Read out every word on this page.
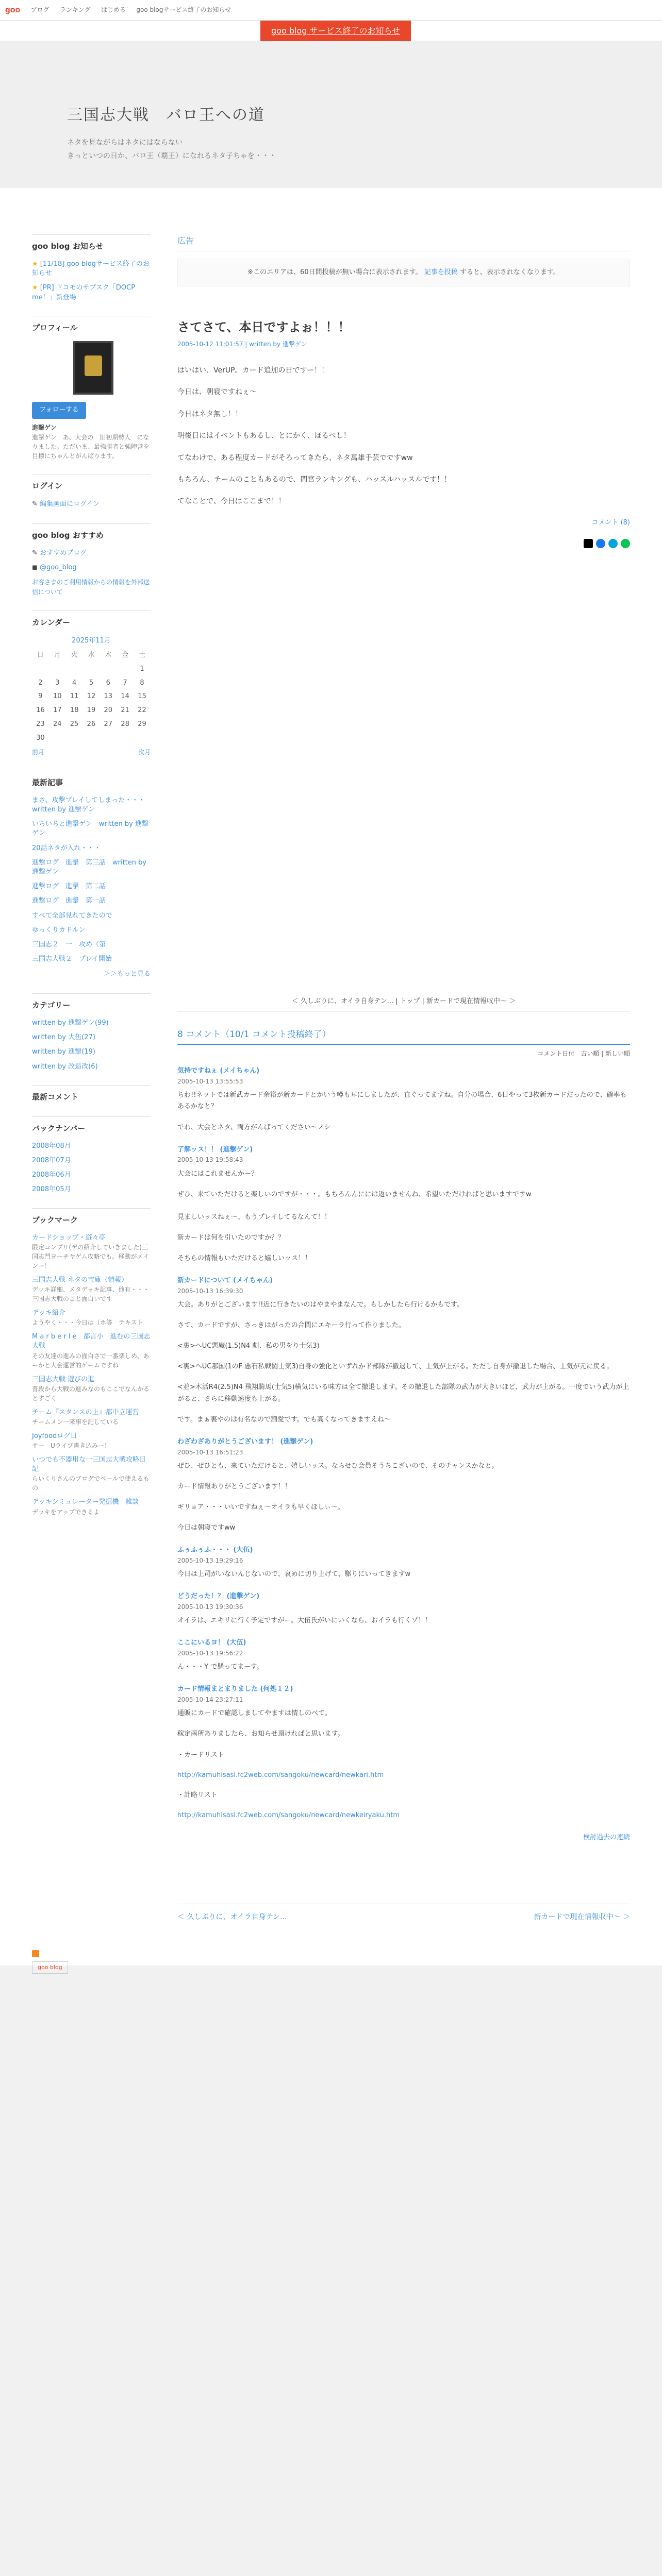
goo ブログ ランキング はじめる goo blogサービス終了のお知らせ
goo blog サービス終了のお知らせ
三国志大戦　バロ王への道
ネタを見ながらはネタにはならない
きっといつの日か、バロ王（覇王）になれるネタ子ちゃを・・・
goo blog お知らせ
★ [11/18] goo blogサービス終了のお知らせ
★ [PR] ドコモのサブスク「DOCP me！」新登場
プロフィール
フォローする
進撃ゲン
進撃ゲン　あ、大会の　旧初期勢人　になりました。ただいま、最強勝者と強陣営を目標にちゃんとがんばります。
ログイン
✎ 編集画面にログイン
goo blog おすすめ
✎ おすすめブログ
◼ @goo_blog
お客さまのご利用情報からの情報を外部送信について
カレンダー
2025年11月
日	月	火	水	木	金	土
						1
2	3	4	5	6	7	8
9	10	11	12	13	14	15
16	17	18	19	20	21	22
23	24	25	26	27	28	29
30						
前月	次月
最新記事
まさ、攻撃プレイしてしまった・・・　written by 進撃ゲン
いちいちと進撃ゲン　written by 進撃ゲン
20話ネタが入れ・・・
進撃ログ　進撃　第三話　written by 進撃ゲン
進撃ログ　進撃　第二話
進撃ログ　進撃　第一話
すべて全部見れてきたので
ゆっくりカドルン
三国志２　一　攻め（第
三国志大戦２　プレイ開始
＞＞もっと見る
カテゴリー
written by 進撃ゲン(99)
written by 大伍(27)
written by 進撃(19)
written by 改造改(6)
最新コメント
バックナンバー
2008年08月
2008年07月
2008年06月
2008年05月
ブックマーク
カードショップ・遊々亭
限定コンプリ(デの紹介していきました)三国志門ヨーチヤゲム攻略でも。移動がメインー！
三国志大戦 ネタの宝庫（情報）
デッキ詳細、メタデッキ記事、他有・・・三国志大戦のこと面白いです
デッキ紹介
ようやく・・・今日は（ホ等　テキスト
M a r b e r l e　都言小　進むの三国志大戦
その友達の進みの面白さで一番楽しめ、あーかと大会運営的ゲームですね
三国志大戦 遊びの進
普段から大戦の進みなのもここでなんかるとすごく
チーム『スタンスの上』都中立運営
チームメン一来事を記している
Joyfoodログ日
サー　Uライブ書き込みー！
いつでも不器用な一三国志大戦攻略日記
らいくりさんのブログでべールで使えるもの
デッキシミュレーター発掘機　雑談
デッキをアップできるよ
広告
※このエリアは、60日間投稿が無い場合に表示されます。 記事を投稿 すると、表示されなくなります。
さてさて、本日ですよぉ！！！
2005-10-12 11:01:57 | written by 進撃ゲン

はいはい、VerUP。カード追加の日ですー！！

今日は、朝寝ですねぇ～

今日はネタ無し！！

明後日にはイベントもあるし、とにかく、ほるべし！

てなわけで、ある程度カードがそろってきたら、ネタ萬雄手芸でですww

もちろん、チームのこともあるので、間宮ランキングも、ハッスルハッスルです！！

てなことで、今日はここまで！！

コメント (8)
＜ 久しぶりに、オイラ自身テン... | トップ | 新カードで現在情報収中～ ＞
8 コメント（10/1 コメント投稿終了）
コメント日付　古い順 | 新しい順
気持ですねぇ (メイちゃん)
2005-10-13 13:55:53

ちわ!!ネットでは新武カード余裕が新カードとかいう噂も耳にしましたが、直ぐってますね。自分の場合、6日やって3枚新カードだったので、確率もあるかなと？

でわ、大会とネタ、両方がんばってください～ノシ

了解ッス！！ (進撃ゲン)
2005-10-13 19:58:43

大会にはこれませんかー？

ぜひ、来ていただけると楽しいのですが・・・。もちろんんにには返いませんね、希望いただければと思いますですw

見ましいッスねぇ～、もうプレイしてるなんて！！

新カードは何を引いたのですか？？

そちらの情報もいただけると嬉しいッス！！

新カードについて (メイちゃん)
2005-10-13 16:39:30

大会。ありがとございます!!近に行きたいのはやまやまなんで。もしかしたら行けるかもです。

さて、カードですが、さっきはがったの合間にエキーラ行って作りました。

<裏>へUC悪魔(1.5)N4 劇、私の男をり士気3)

<裏>へUC那国(1のF 悪石私戦闘士気3)自身の強化といずれかド部隊が撤退して、士気が上がる。ただし自身が撤退した場合、士気が元に戻る。

<並>木活R4(2.5)N4 飛翔騎馬(士気5)横気にいる味方は全て撤退します。その撤退した部隊の武力が大きいほど、武力が上がる。一度でいう武力が上がると、さらに移動速度も上がる。

です。まぁ裏やのは有名なので割愛です。でも高くなってきますえね～

わざわざありがとうございます！ (進撃ゲン)
2005-10-13 16:51:23

ぜひ、ぜひとも、来ていただけると、嬉しいッス。ならせひ会員そうちこざいので、そのチャンスかなと。

カード情報ありがとうございます！！

ギリョア・・・いいですねぇ～オイラも早くほしぃ～。

今日は朝寝ですww

ふぅふぅふ・・・ (大伍)
2005-10-13 19:29:16

今日は上司がいないんじないので、哀めに切り上げて、駆りにいってきますw

どうだった！？ (進撃ゲン)
2005-10-13 19:30:36

オイラは、エキリに行く予定ですがー。大伍氏がいにいくなら、おイラも行くゾ！！

ここにいるヨ！ (大伍)
2005-10-13 19:56:22

ん・・・Y で懸ってまーす。

カード情報まとまりました (何処１２)
2005-10-14 23:27:11

通販にカードで確認しましてやますは情しのべて。

稼定菌所ありましたら、お知らせ頂ければと思います。

・カードリスト

http://kamuhisasl.fc2web.com/sangoku/newcard/newkari.htm

・計略リスト

http://kamuhisasl.fc2web.com/sangoku/newcard/newkeiryaku.htm
検討過去の連続
＜ 久しぶりに、オイラ自身テン...	新カードで現在情報収中～ ＞
goo blog
